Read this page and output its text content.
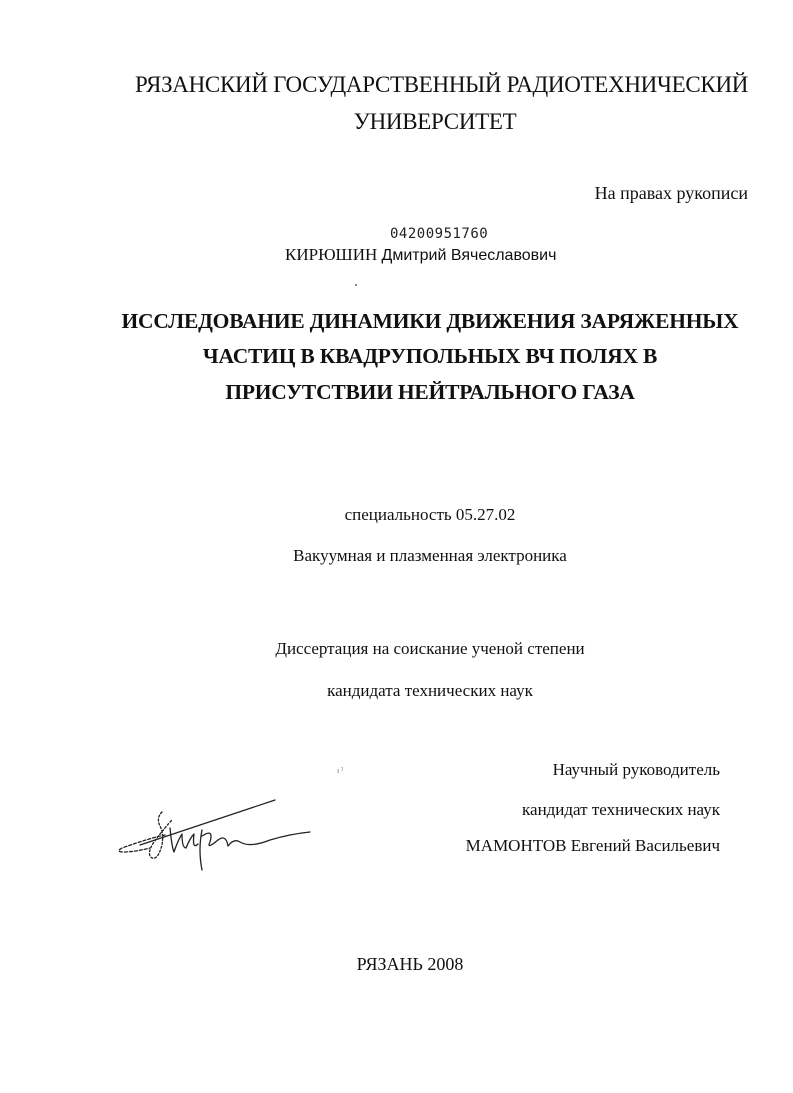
РЯЗАНСКИЙ ГОСУДАРСТВЕННЫЙ РАДИОТЕХНИЧЕСКИЙ
УНИВЕРСИТЕТ
На правах рукописи
04200951760
КИРЮШИН Дмитрий Вячеславович
ИССЛЕДОВАНИЕ ДИНАМИКИ ДВИЖЕНИЯ ЗАРЯЖЕННЫХ
ЧАСТИЦ В КВАДРУПОЛЬНЫХ ВЧ ПОЛЯХ В
ПРИСУТСТВИИ НЕЙТРАЛЬНОГО ГАЗА
специальность 05.27.02
Вакуумная и плазменная электроника
Диссертация на соискание ученой степени
кандидата технических наук
ı ˀ	Научный руководитель
кандидат технических наук
МАМОНТОВ Евгений Васильевич
РЯЗАНЬ 2008
